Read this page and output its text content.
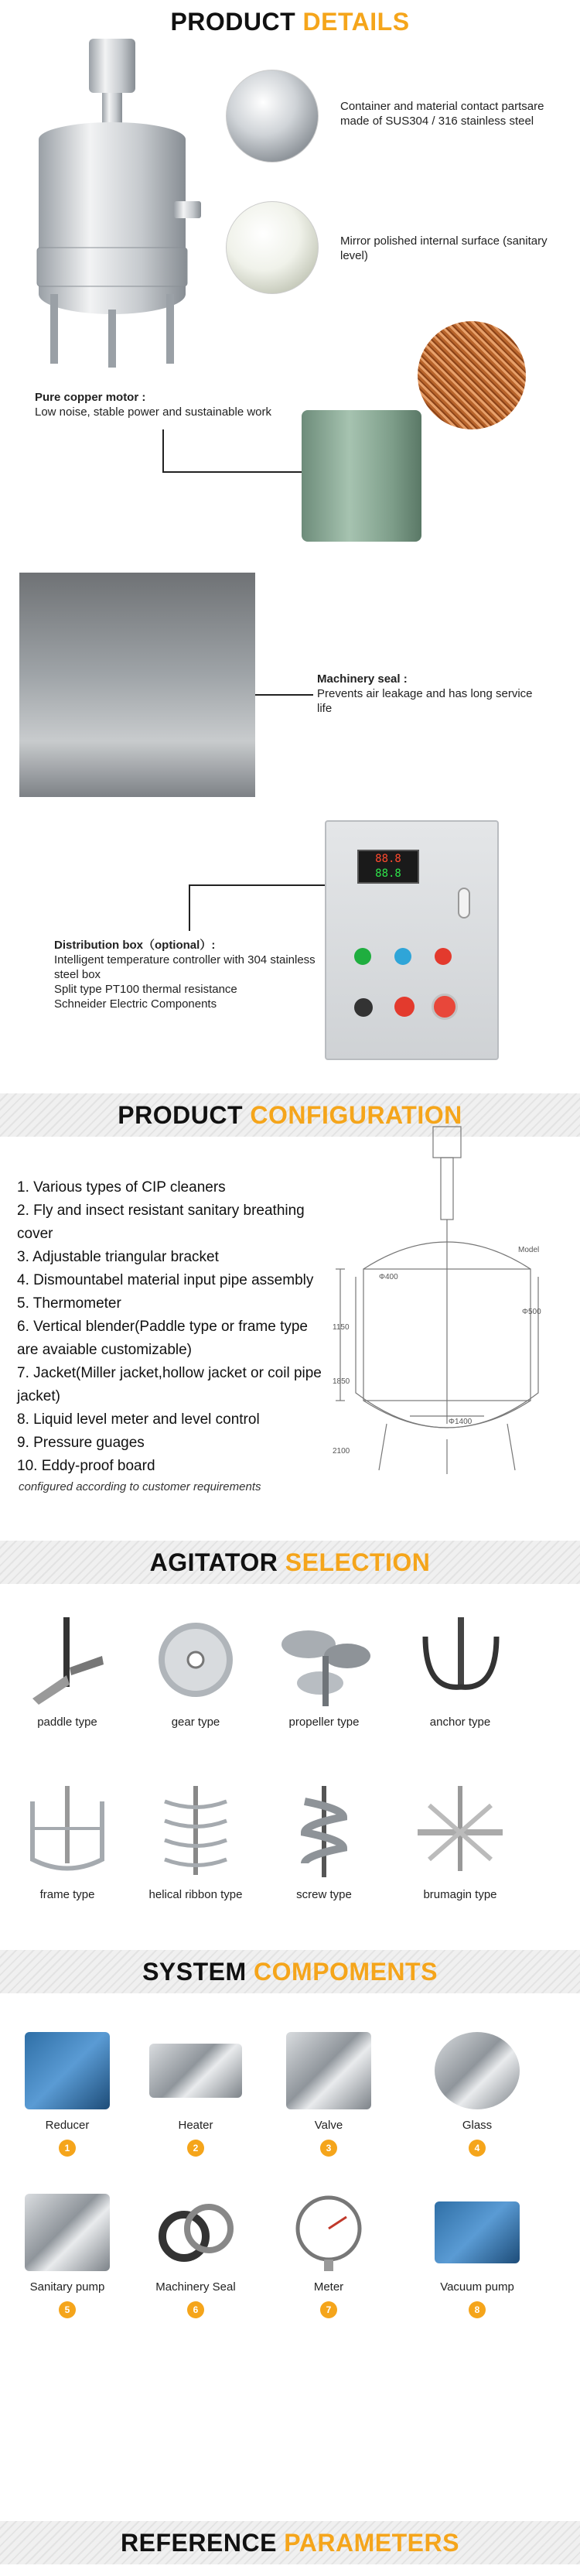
PRODUCT DETAILS
Container and material contact partsare made of SUS304 / 316 stainless steel
Mirror polished internal surface (sanitary level)
Pure copper motor :
Low noise, stable power and sustainable work
Machinery seal :
Prevents air leakage and has long service life
Distribution box（optional）:
Intelligent temperature controller with 304 stainless steel box
Split type PT100 thermal resistance
Schneider Electric Components
88.8
88.8
PRODUCT CONFIGURATION
1. Various types of CIP cleaners
2. Fly and insect resistant sanitary breathing cover
3. Adjustable triangular bracket
4. Dismountabel material input pipe assembly
5. Thermometer
6. Vertical blender(Paddle type or frame type are avaiable customizable)
7. Jacket(Miller jacket,hollow jacket or coil pipe jacket)
8. Liquid level meter and level control
9. Pressure guages
10. Eddy-proof board
configured according to customer requirements
Φ400
Φ1400
Φ500
1150
1850
2100
Model
AGITATOR SELECTION
paddle type	gear type	propeller type	anchor type
frame type	helical ribbon type	screw type	brumagin type
SYSTEM COMPOMENTS
Reducer
1
Heater
2
Valve
3
Glass
4
Sanitary pump
5
Machinery Seal
6
Meter
7
Vacuum pump
8
REFERENCE PARAMETERS
